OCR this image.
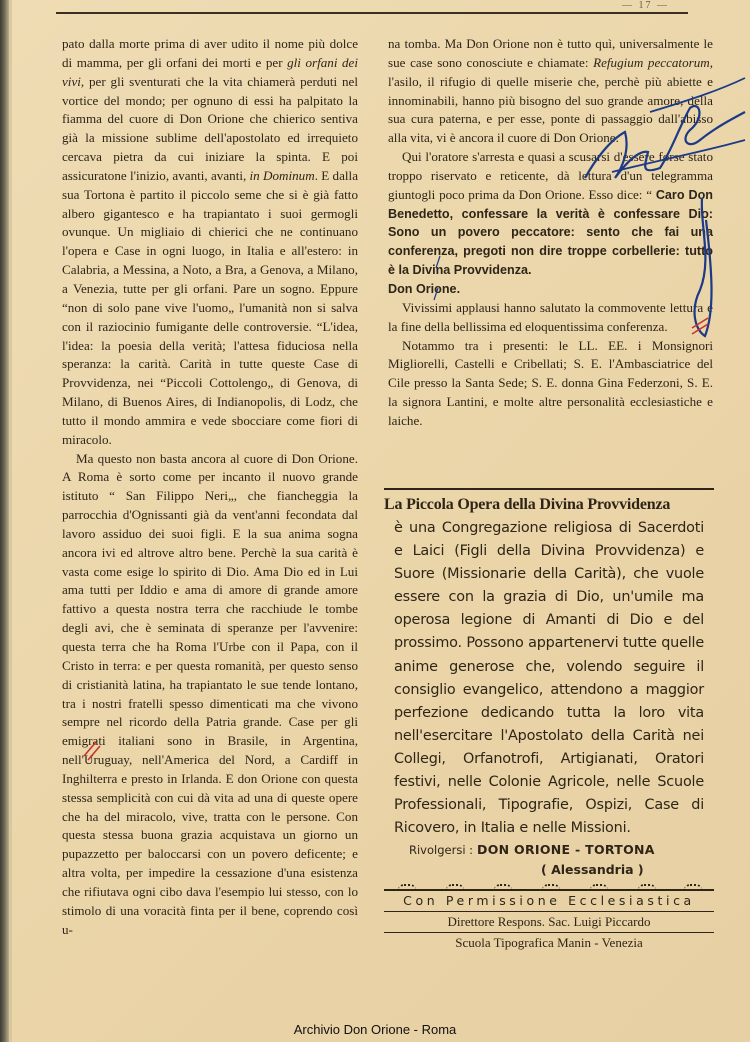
— 17 —

pato dalla morte prima di aver udito il nome più dolce di mamma, per gli orfani dei morti e per gli orfani dei vivi, per gli sventurati che la vita chiamerà perduti nel vortice del mondo; per ognuno di essi ha palpitato la fiamma del cuore di Don Orione che chierico sentiva già la missione sublime dell'apostolato ed irrequieto cercava pietra da cui iniziare la spinta. E poi assicuratone l'inizio, avanti, avanti, in Dominum. E dalla sua Tortona è partito il piccolo seme che si è già fatto albero gigantesco e ha trapiantato i suoi germogli ovunque. Un migliaio di chierici che ne continuano l'opera e Case in ogni luogo, in Italia e all'estero: in Calabria, a Messina, a Noto, a Bra, a Genova, a Milano, a Venezia, tutte per gli orfani. Pare un sogno. Eppure “non di solo pane vive l'uomo„ l'umanità non si salva con il raziocinio fumigante delle controversie. “L'idea, l'idea: la poesia della verità; l'attesa fiduciosa nella speranza: la carità. Carità in tutte queste Case di Provvidenza, nei “Piccoli Cottolengo„ di Genova, di Milano, di Buenos Aires, di Indianopolis, di Lodz, che tutto il mondo ammira e vede sbocciare come fiori di miracolo.

Ma questo non basta ancora al cuore di Don Orione. A Roma è sorto come per incanto il nuovo grande istituto “ San Filippo Neri„, che fiancheggia la parrocchia d'Ognissanti già da vent'anni fecondata dal lavoro assiduo dei suoi figli. E la sua anima sogna ancora ivi ed altrove altro bene. Perchè la sua carità è vasta come esige lo spirito di Dio. Ama Dio ed in Lui ama tutti per Iddio e ama di amore di grande amore fattivo a questa nostra terra che racchiude le tombe degli avi, che è seminata di speranze per l'avvenire: questa terra che ha Roma l'Urbe con il Papa, con il Cristo in terra: e per questa romanità, per questo senso di cristianità latina, ha trapiantato le sue tende lontano, tra i nostri fratelli spesso dimenticati ma che vivono sempre nel ricordo della Patria grande. Case per gli emigrati italiani sono in Brasile, in Argentina, nell'Uruguay, nell'America del Nord, a Cardiff in Inghilterra e presto in Irlanda. E don Orione con questa stessa semplicità con cui dà vita ad una di queste opere che ha del miracolo, vive, tratta con le persone. Con questa stessa buona grazia acquistava un giorno un pupazzetto per baloccarsi con un povero deficente; e altra volta, per impedire la cessazione d'una esistenza che rifiutava ogni cibo dava l'esempio lui stesso, con lo stimolo di una voracità finta per il bene, coprendo così u-

na tomba. Ma Don Orione non è tutto quì, universalmente le sue case sono conosciute e chiamate: Refugium peccatorum, l'asilo, il rifugio di quelle miserie che, perchè più abiette e innominabili, hanno più bisogno del suo grande amore, della sua cura paterna, e per esse, ponte di passaggio dall'abisso alla vita, vi è ancora il cuore di Don Orione.

Qui l'oratore s'arresta e quasi a scusarsi d'essere forse stato troppo riservato e reticente, dà lettura d'un telegramma giuntogli poco prima da Don Orione. Esso dice: “ Caro Don Benedetto, confessare la verità è confessare Dio: Sono un povero peccatore: sento che fai una conferenza, pregoti non dire troppe corbellerie: tutto è la Divina Provvidenza.
Don Orione.

Vivissimi applausi hanno salutato la commovente lettura e la fine della bellissima ed eloquentissima conferenza.

Notammo tra i presenti: le LL. EE. i Monsignori Migliorelli, Castelli e Cribellati; S. E. l'Ambasciatrice del Cile presso la Santa Sede; S. E. donna Gina Federzoni, S. E. la signora Lantini, e molte altre personalità ecclesiastiche e laiche.

La Piccola Opera della Divina Provvidenza
è una Congregazione religiosa di Sacerdoti e Laici (Figli della Divina Provvidenza) e Suore (Missionarie della Carità), che vuole essere con la grazia di Dio, un'umile ma operosa legione di Amanti di Dio e del prossimo. Possono appartenervi tutte quelle anime generose che, volendo seguire il consiglio evangelico, attendono a maggior perfezione dedicando tutta la loro vita nell'esercitare l'Apostolato della Carità nei Collegi, Orfanotrofi, Artigianati, Oratori festivi, nelle Colonie Agricole, nelle Scuole Professionali, Tipografie, Ospizi, Case di Ricovero, in Italia e nelle Missioni.
Rivolgersi : DON ORIONE - TORTONA
( Alessandria )
Con Permissione Ecclesiastica
Direttore Respons. Sac. Luigi Piccardo
Scuola Tipografica Manin - Venezia
Archivio Don Orione - Roma
